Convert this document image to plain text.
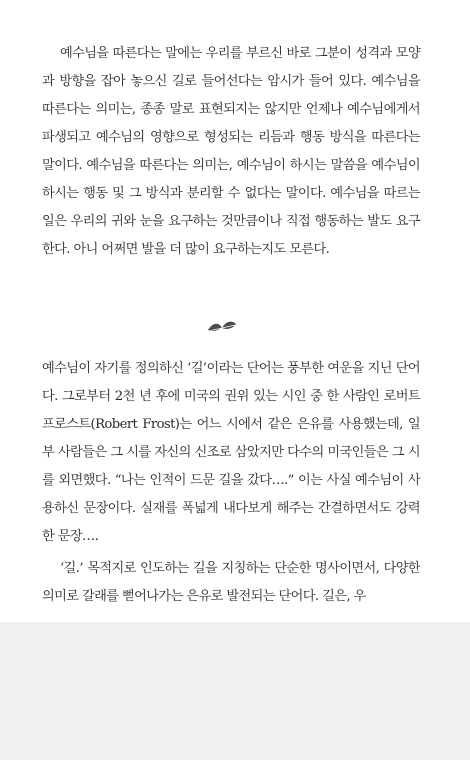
예수님을 따른다는 말에는 우리를 부르신 바로 그분이 성격과 모양과 방향을 잡아 놓으신 길로 들어선다는 암시가 들어 있다. 예수님을 따른다는 의미는, 종종 말로 표현되지는 않지만 언제나 예수님에게서 파생되고 예수님의 영향으로 형성되는 리듬과 행동 방식을 따른다는 말이다. 예수님을 따른다는 의미는, 예수님이 하시는 말씀을 예수님이 하시는 행동 및 그 방식과 분리할 수 없다는 말이다. 예수님을 따르는 일은 우리의 귀와 눈을 요구하는 것만큼이나 직접 행동하는 발도 요구한다. 아니 어쩌면 발을 더 많이 요구하는지도 모른다.

예수님이 자기를 정의하신 ‘길’이라는 단어는 풍부한 여운을 지닌 단어다. 그로부터 2천 년 후에 미국의 권위 있는 시인 중 한 사람인 로버트 프로스트(Robert Frost)는 어느 시에서 같은 은유를 사용했는데, 일부 사람들은 그 시를 자신의 신조로 삼았지만 다수의 미국인들은 그 시를 외면했다. “나는 인적이 드문 길을 갔다….” 이는 사실 예수님이 사용하신 문장이다. 실재를 폭넓게 내다보게 해주는 간결하면서도 강력한 문장….

‘길.’ 목적지로 인도하는 길을 지칭하는 단순한 명사이면서, 다양한 의미로 갈래를 뻗어나가는 은유로 발전되는 단어다. 길은, 우
